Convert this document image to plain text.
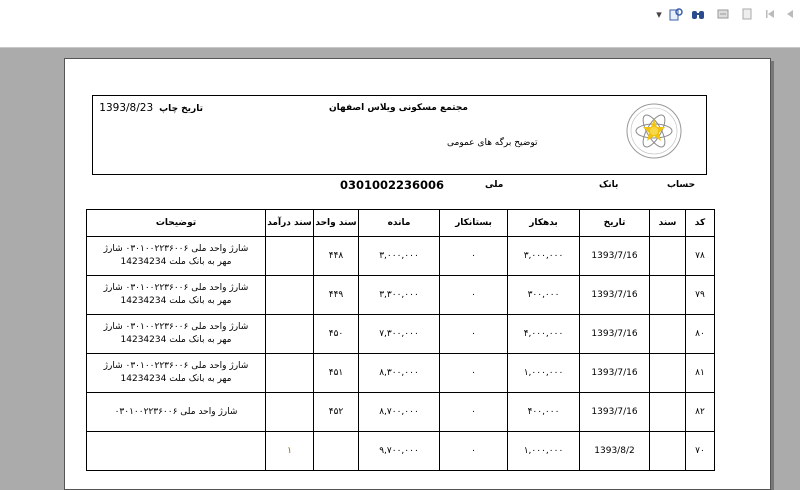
▾
تاریخ چاپ1393/8/23	مجتمع مسکونی ویلاس اصفهان
توضیح برگه های عمومی
حساب
بانک
ملی
0301002236006
کد	سند	تاریخ	بدهکار	بستانکار	مانده	سند واحد	سند درآمد	توضیحات
۷۸		1393/7/16	۳,۰۰۰,۰۰۰	۰	۳,۰۰۰,۰۰۰	۴۴۸		شارژ واحد ملی ۰۳۰۱۰۰۲۲۳۶۰۰۶ شارژ
مهر به بانک ملت 14234234

۷۹		1393/7/16	۳۰۰,۰۰۰	۰	۳,۳۰۰,۰۰۰	۴۴۹		شارژ واحد ملی ۰۳۰۱۰۰۲۲۳۶۰۰۶ شارژ
مهر به بانک ملت 14234234

۸۰		1393/7/16	۴,۰۰۰,۰۰۰	۰	۷,۳۰۰,۰۰۰	۴۵۰		شارژ واحد ملی ۰۳۰۱۰۰۲۲۳۶۰۰۶ شارژ
مهر به بانک ملت 14234234

۸۱		1393/7/16	۱,۰۰۰,۰۰۰	۰	۸,۳۰۰,۰۰۰	۴۵۱		شارژ واحد ملی ۰۳۰۱۰۰۲۲۳۶۰۰۶ شارژ
مهر به بانک ملت 14234234

۸۲		1393/7/16	۴۰۰,۰۰۰	۰	۸,۷۰۰,۰۰۰	۴۵۲		شارژ واحد ملی ۰۳۰۱۰۰۲۲۳۶۰۰۶

۷۰		1393/8/2	۱,۰۰۰,۰۰۰	۰	۹,۷۰۰,۰۰۰		۱	
